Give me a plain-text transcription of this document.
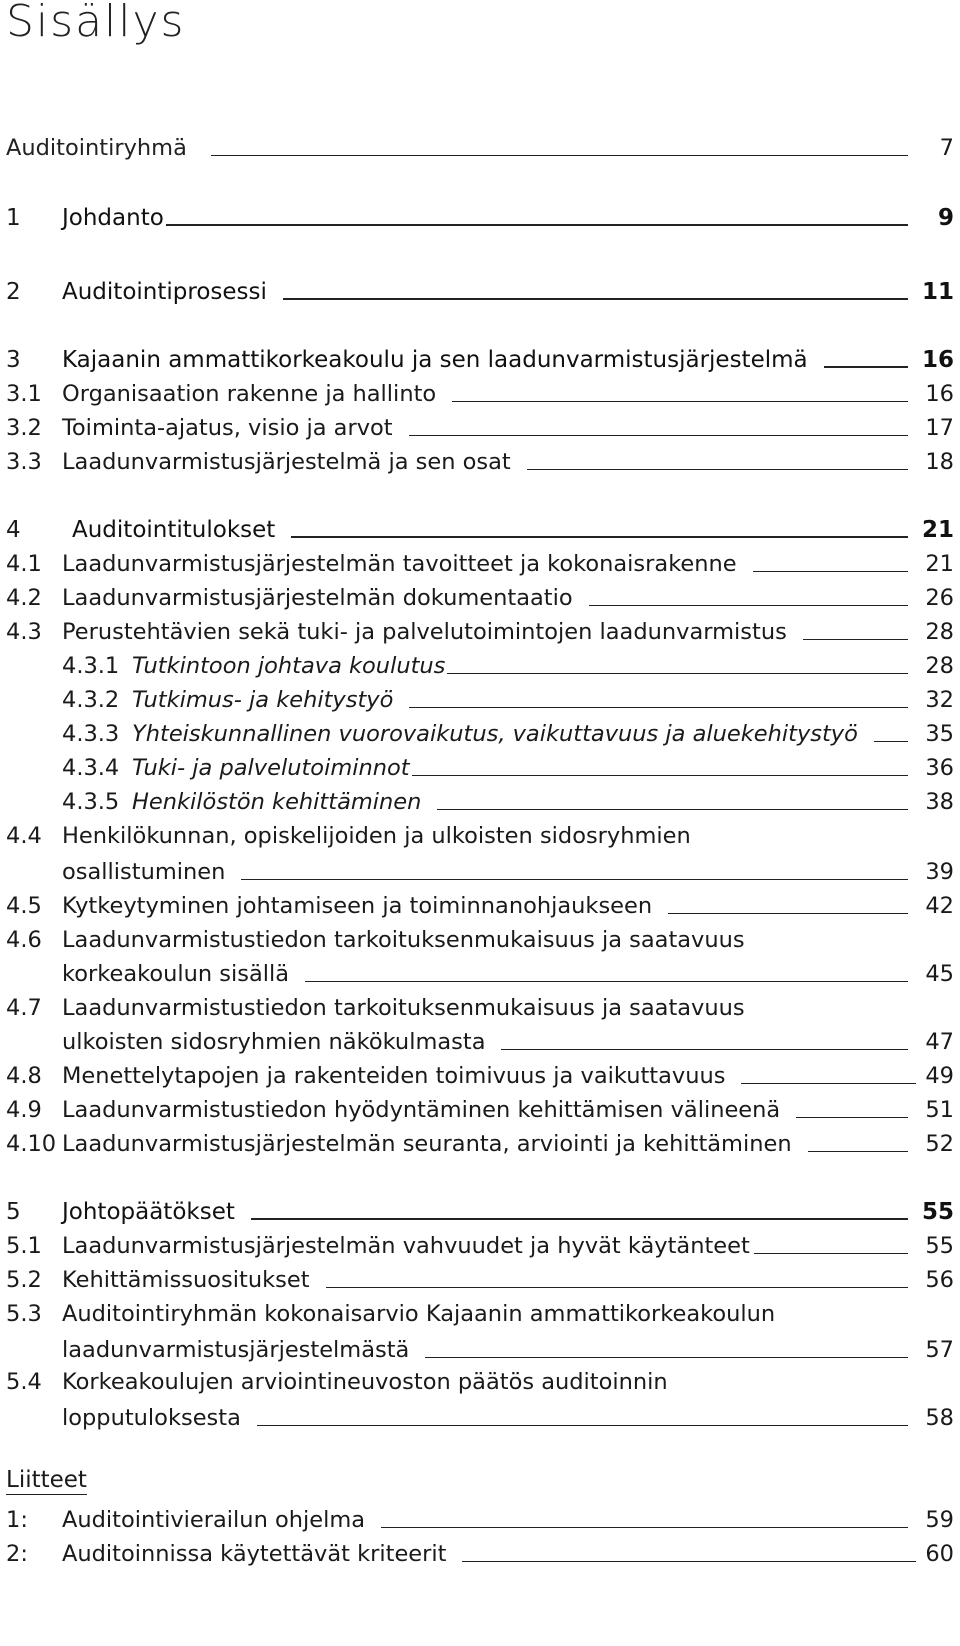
Sisällys
Auditointiryhmä	7
1	Johdanto	9
2	Auditointiprosessi	11
3	Kajaanin ammattikorkeakoulu ja sen laadunvarmistusjärjestelmä	16
3.1 Organisaation rakenne ja hallinto	16
3.2 Toiminta-ajatus, visio ja arvot	17
3.3 Laadunvarmistusjärjestelmä ja sen osat	18
4	Auditointitulokset	21
4.1 Laadunvarmistusjärjestelmän tavoitteet ja kokonaisrakenne	21
4.2 Laadunvarmistusjärjestelmän dokumentaatio	26
4.3 Perustehtävien sekä tuki- ja palvelutoimintojen laadunvarmistus	28
4.3.1 Tutkintoon johtava koulutus	28
4.3.2 Tutkimus- ja kehitystyö	32
4.3.3 Yhteiskunnallinen vuorovaikutus, vaikuttavuus ja aluekehitystyö	35
4.3.4 Tuki- ja palvelutoiminnot	36
4.3.5 Henkilöstön kehittäminen	38
4.4 Henkilökunnan, opiskelijoiden ja ulkoisten sidosryhmien
osallistuminen	39
4.5 Kytkeytyminen johtamiseen ja toiminnanohjaukseen	42
4.6 Laadunvarmistustiedon tarkoituksenmukaisuus ja saatavuus
korkeakoulun sisällä	45
4.7 Laadunvarmistustiedon tarkoituksenmukaisuus ja saatavuus
ulkoisten sidosryhmien näkökulmasta	47
4.8 Menettelytapojen ja rakenteiden toimivuus ja vaikuttavuus	49
4.9 Laadunvarmistustiedon hyödyntäminen kehittämisen välineenä	51
4.10 Laadunvarmistusjärjestelmän seuranta, arviointi ja kehittäminen	52
5	Johtopäätökset	55
5.1 Laadunvarmistusjärjestelmän vahvuudet ja hyvät käytänteet	55
5.2 Kehittämissuositukset	56
5.3 Auditointiryhmän kokonaisarvio Kajaanin ammattikorkeakoulun
laadunvarmistusjärjestelmästä	57
5.4 Korkeakoulujen arviointineuvoston päätös auditoinnin
lopputuloksesta	58
Liitteet
1:	Auditointivierailun ohjelma	59
2:	Auditoinnissa käytettävät kriteerit	60
